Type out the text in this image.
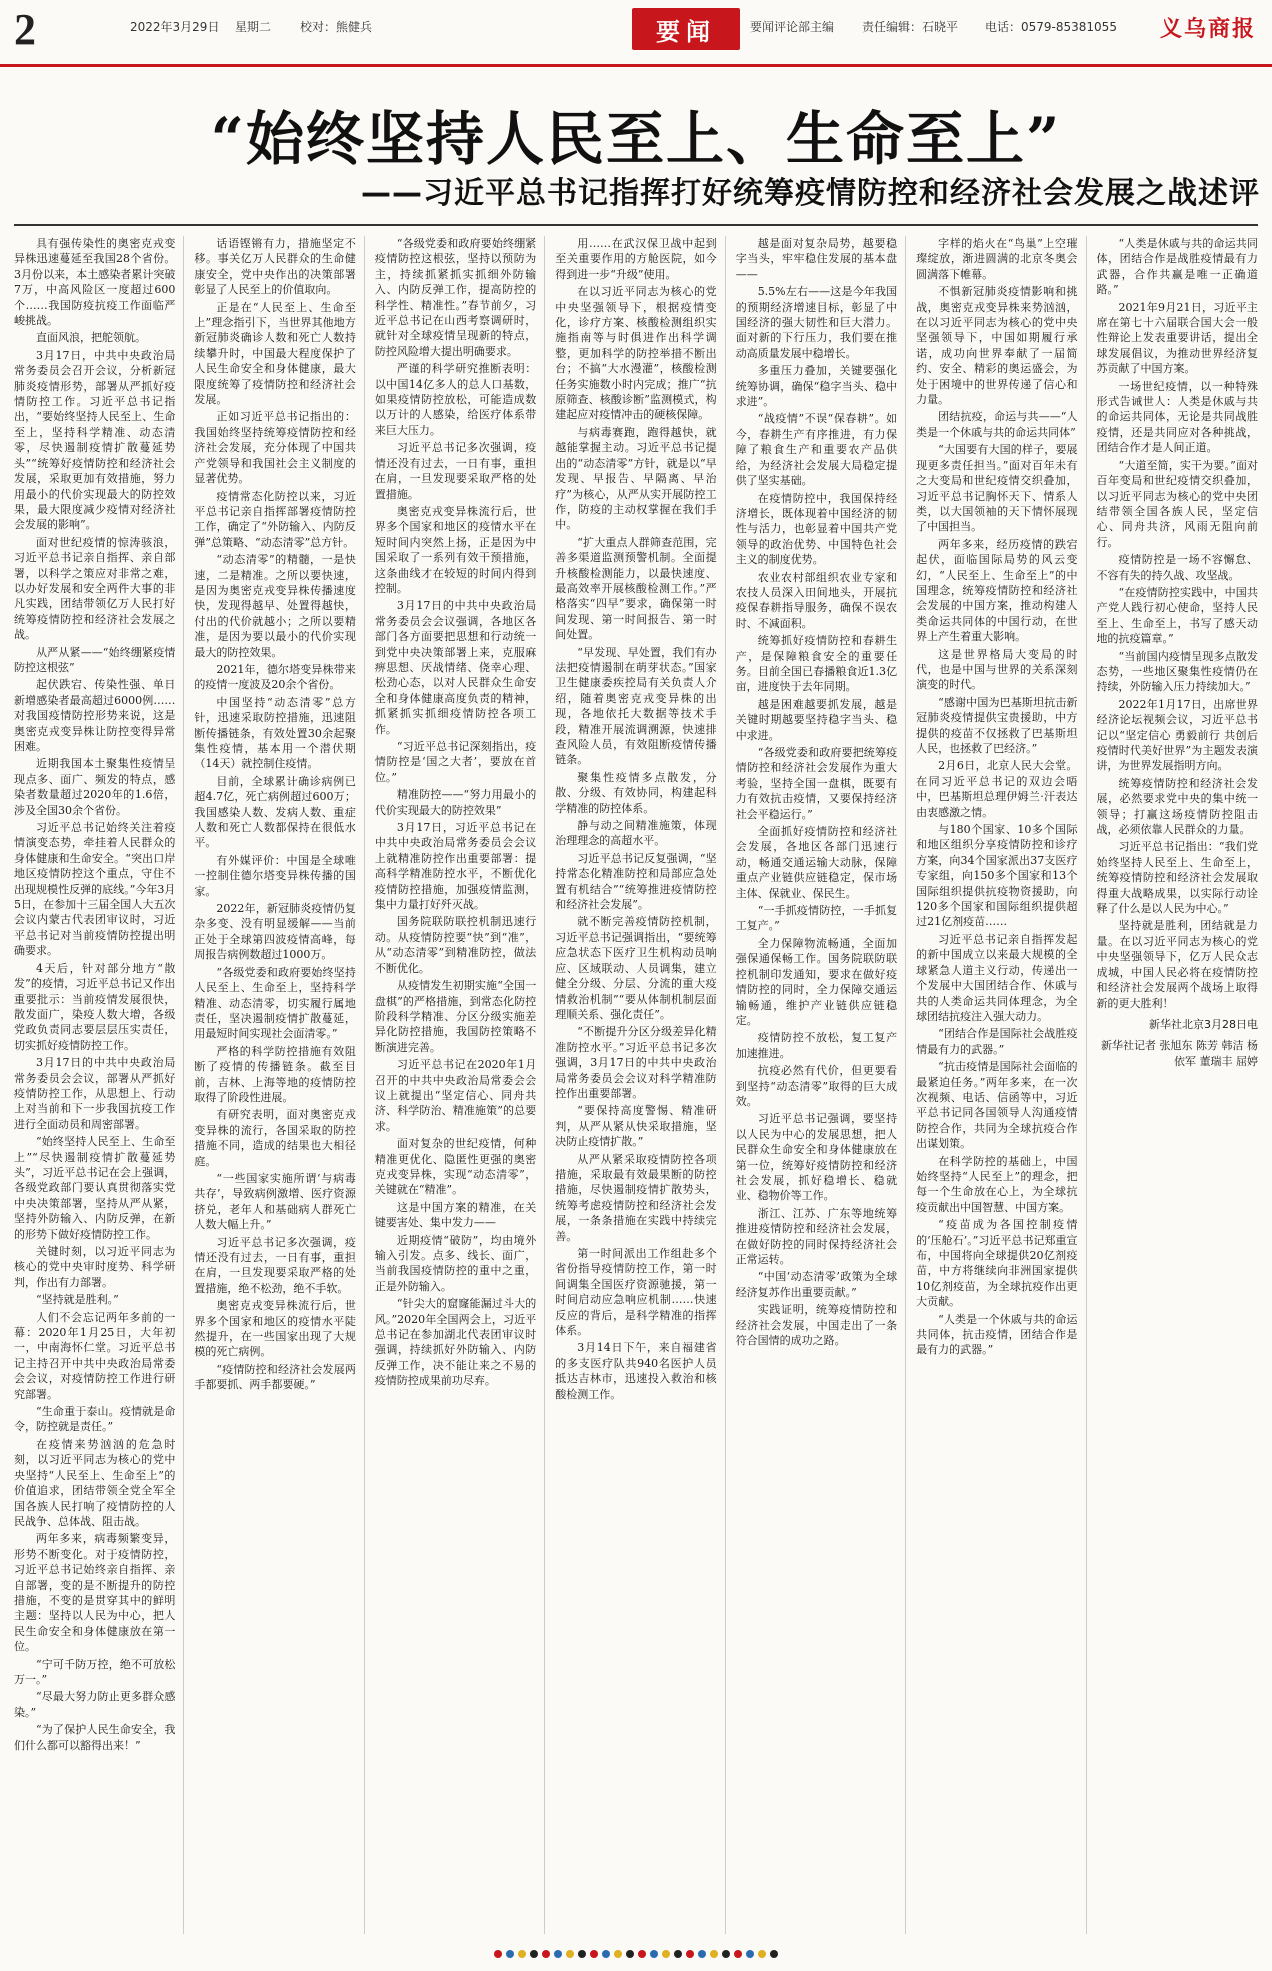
2	2022年3月29日 星期二 校对：熊健兵	要闻	要闻评论部主编 责任编辑：石晓平 电话：0579-85381055 义乌商报
“始终坚持人民至上、生命至上”
——习近平总书记指挥打好统筹疫情防控和经济社会发展之战述评

具有强传染性的奥密克戎变异株迅速蔓延至我国28个省份。3月份以来，本土感染者累计突破7万，中高风险区一度超过600个……我国防疫抗疫工作面临严峻挑战。

直面风浪，把舵领航。

3月17日，中共中央政治局常务委员会召开会议，分析新冠肺炎疫情形势，部署从严抓好疫情防控工作。习近平总书记指出，“要始终坚持人民至上、生命至上，坚持科学精准、动态清零，尽快遏制疫情扩散蔓延势头”“统筹好疫情防控和经济社会发展，采取更加有效措施，努力用最小的代价实现最大的防控效果，最大限度减少疫情对经济社会发展的影响”。

面对世纪疫情的惊涛骇浪，习近平总书记亲自指挥、亲自部署，以科学之策应对非常之难，以办好发展和安全两件大事的非凡实践，团结带领亿万人民打好统筹疫情防控和经济社会发展之战。

从严从紧——“始终绷紧疫情防控这根弦”

起伏跌宕、传染性强、单日新增感染者最高超过6000例……对我国疫情防控形势来说，这是奥密克戎变异株让防控变得异常困难。

近期我国本土聚集性疫情呈现点多、面广、频发的特点，感染者数量超过2020年的1.6倍，涉及全国30余个省份。

习近平总书记始终关注着疫情演变态势，牵挂着人民群众的身体健康和生命安全。“突出口岸地区疫情防控这个重点，守住不出现规模性反弹的底线。”今年3月5日，在参加十三届全国人大五次会议内蒙古代表团审议时，习近平总书记对当前疫情防控提出明确要求。

4天后，针对部分地方“散发”的疫情，习近平总书记又作出重要批示：当前疫情发展很快，散发面广，染疫人数大增，各级党政负责同志要层层压实责任，切实抓好疫情防控工作。

3月17日的中共中央政治局常务委员会会议，部署从严抓好疫情防控工作，从思想上、行动上对当前和下一步我国抗疫工作进行全面动员和周密部署。

“始终坚持人民至上、生命至上”“尽快遏制疫情扩散蔓延势头”，习近平总书记在会上强调，各级党政部门要认真贯彻落实党中央决策部署，坚持从严从紧，坚持外防输入、内防反弹，在新的形势下做好疫情防控工作。

关键时刻，以习近平同志为核心的党中央审时度势、科学研判，作出有力部署。

“坚持就是胜利。”

人们不会忘记两年多前的一幕：2020年1月25日，大年初一，中南海怀仁堂。习近平总书记主持召开中共中央政治局常委会会议，对疫情防控工作进行研究部署。

“生命重于泰山。疫情就是命令，防控就是责任。”

在疫情来势汹汹的危急时刻，以习近平同志为核心的党中央坚持“人民至上、生命至上”的价值追求，团结带领全党全军全国各族人民打响了疫情防控的人民战争、总体战、阻击战。

两年多来，病毒频繁变异，形势不断变化。对于疫情防控，习近平总书记始终亲自指挥、亲自部署，变的是不断提升的防控措施，不变的是贯穿其中的鲜明主题：坚持以人民为中心，把人民生命安全和身体健康放在第一位。

“宁可千防万控，绝不可放松万一。”

“尽最大努力防止更多群众感染。”

“为了保护人民生命安全，我们什么都可以豁得出来！”

话语铿锵有力，措施坚定不移。事关亿万人民群众的生命健康安全，党中央作出的决策部署彰显了人民至上的价值取向。

正是在“人民至上、生命至上”理念指引下，当世界其他地方新冠肺炎确诊人数和死亡人数持续攀升时，中国最大程度保护了人民生命安全和身体健康，最大限度统筹了疫情防控和经济社会发展。

正如习近平总书记指出的：我国始终坚持统筹疫情防控和经济社会发展，充分体现了中国共产党领导和我国社会主义制度的显著优势。

疫情常态化防控以来，习近平总书记亲自指挥部署疫情防控工作，确定了“外防输入、内防反弹”总策略、“动态清零”总方针。

“动态清零”的精髓，一是快速，二是精准。之所以要快速，是因为奥密克戎变异株传播速度快，发现得越早、处置得越快，付出的代价就越小；之所以要精准，是因为要以最小的代价实现最大的防控效果。

2021年，德尔塔变异株带来的疫情一度波及20余个省份。

中国坚持“动态清零”总方针，迅速采取防控措施，迅速阻断传播链条，有效处置30余起聚集性疫情，基本用一个潜伏期（14天）就控制住疫情。

目前，全球累计确诊病例已超4.7亿，死亡病例超过600万；我国感染人数、发病人数、重症人数和死亡人数都保持在很低水平。

有外媒评价：中国是全球唯一控制住德尔塔变异株传播的国家。

2022年，新冠肺炎疫情仍复杂多变、没有明显缓解——当前正处于全球第四波疫情高峰，每周报告病例数超过1000万。

“各级党委和政府要始终坚持人民至上、生命至上，坚持科学精准、动态清零，切实履行属地责任，坚决遏制疫情扩散蔓延，用最短时间实现社会面清零。”

严格的科学防控措施有效阻断了疫情的传播链条。截至目前，吉林、上海等地的疫情防控取得了阶段性进展。

有研究表明，面对奥密克戎变异株的流行，各国采取的防控措施不同，造成的结果也大相径庭。

“一些国家实施所谓‘与病毒共存’，导致病例激增、医疗资源挤兑，老年人和基础病人群死亡人数大幅上升。”

习近平总书记多次强调，疫情还没有过去，一日有事，重担在肩，一旦发现要采取严格的处置措施，绝不松劲，绝不手软。

奥密克戎变异株流行后，世界多个国家和地区的疫情水平陡然提升，在一些国家出现了大规模的死亡病例。

“疫情防控和经济社会发展两手都要抓、两手都要硬。”

“各级党委和政府要始终绷紧疫情防控这根弦，坚持以预防为主，持续抓紧抓实抓细外防输入、内防反弹工作，提高防控的科学性、精准性。”春节前夕，习近平总书记在山西考察调研时，就针对全球疫情呈现新的特点，防控风险增大提出明确要求。

严谨的科学研究推断表明：以中国14亿多人的总人口基数，如果疫情防控放松，可能造成数以万计的人感染，给医疗体系带来巨大压力。

习近平总书记多次强调，疫情还没有过去，一日有事，重担在肩，一旦发现要采取严格的处置措施。

奥密克戎变异株流行后，世界多个国家和地区的疫情水平在短时间内突然上扬，正是因为中国采取了一系列有效干预措施，这条曲线才在较短的时间内得到控制。

3月17日的中共中央政治局常务委员会会议强调，各地区各部门各方面要把思想和行动统一到党中央决策部署上来，克服麻痹思想、厌战情绪、侥幸心理、松劲心态，以对人民群众生命安全和身体健康高度负责的精神，抓紧抓实抓细疫情防控各项工作。

“习近平总书记深刻指出，疫情防控是‘国之大者’，要放在首位。”

精准防控——“努力用最小的代价实现最大的防控效果”

3月17日，习近平总书记在中共中央政治局常务委员会会议上就精准防控作出重要部署：提高科学精准防控水平，不断优化疫情防控措施，加强疫情监测，集中力量打好歼灭战。

国务院联防联控机制迅速行动。从疫情防控要“快”到“准”，从“动态清零”到精准防控，做法不断优化。

从疫情发生初期实施“全国一盘棋”的严格措施，到常态化防控阶段科学精准、分区分级实施差异化防控措施，我国防控策略不断演进完善。

习近平总书记在2020年1月召开的中共中央政治局常委会会议上就提出“坚定信心、同舟共济、科学防治、精准施策”的总要求。

面对复杂的世纪疫情，何种精准更优化、隐匿性更强的奥密克戎变异株，实现“动态清零”，关键就在“精准”。

这是中国方案的精准，在关键要害处、集中发力——

近期疫情“破防”，均由境外输入引发。点多、线长、面广，当前我国疫情防控的重中之重，正是外防输入。

“针尖大的窟窿能漏过斗大的风。”2020年全国两会上，习近平总书记在参加湖北代表团审议时强调，持续抓好外防输入、内防反弹工作，决不能让来之不易的疫情防控成果前功尽弃。

用……在武汉保卫战中起到至关重要作用的方舱医院，如今得到进一步“升级”使用。

在以习近平同志为核心的党中央坚强领导下，根据疫情变化，诊疗方案、核酸检测组织实施指南等与时俱进作出科学调整，更加科学的防控举措不断出台；不搞“大水漫灌”，核酸检测任务实施数小时内完成；推广“抗原筛查、核酸诊断”监测模式，构建起应对疫情冲击的硬核保障。

与病毒赛跑，跑得越快，就越能掌握主动。习近平总书记提出的“动态清零”方针，就是以“早发现、早报告、早隔离、早治疗”为核心，从严从实开展防控工作，防疫的主动权掌握在我们手中。

“扩大重点人群筛查范围，完善多渠道监测预警机制。全面提升核酸检测能力，以最快速度、最高效率开展核酸检测工作。”严格落实“四早”要求，确保第一时间发现、第一时间报告、第一时间处置。

“早发现、早处置，我们有办法把疫情遏制在萌芽状态。”国家卫生健康委疾控局有关负责人介绍，随着奥密克戎变异株的出现，各地依托大数据等技术手段，精准开展流调溯源，快速排查风险人员，有效阻断疫情传播链条。

聚集性疫情多点散发，分散、分级、有效协同，构建起科学精准的防控体系。

静与动之间精准施策，体现治理理念的高超水平。

习近平总书记反复强调，“坚持常态化精准防控和局部应急处置有机结合”“统筹推进疫情防控和经济社会发展”。

就不断完善疫情防控机制，习近平总书记强调指出，“要统筹应急状态下医疗卫生机构动员响应、区域联动、人员调集，建立健全分级、分层、分流的重大疫情救治机制”“要从体制机制层面理顺关系、强化责任”。

“不断提升分区分级差异化精准防控水平。”习近平总书记多次强调，3月17日的中共中央政治局常务委员会会议对科学精准防控作出重要部署。

“要保持高度警惕、精准研判，从严从紧从快采取措施，坚决防止疫情扩散。”

从严从紧采取疫情防控各项措施，采取最有效最果断的防控措施，尽快遏制疫情扩散势头，统筹考虑疫情防控和经济社会发展，一条条措施在实践中持续完善。

第一时间派出工作组赴多个省份指导疫情防控工作，第一时间调集全国医疗资源驰援，第一时间启动应急响应机制……快速反应的背后，是科学精准的指挥体系。

3月14日下午，来自福建省的多支医疗队共940名医护人员抵达吉林市，迅速投入救治和核酸检测工作。

越是面对复杂局势，越要稳字当头，牢牢稳住发展的基本盘——

5.5%左右——这是今年我国的预期经济增速目标，彰显了中国经济的强大韧性和巨大潜力。面对新的下行压力，我们要在推动高质量发展中稳增长。

多重压力叠加，关键要强化统筹协调，确保“稳字当头、稳中求进”。

“战疫情”不误“保春耕”。如今，春耕生产有序推进，有力保障了粮食生产和重要农产品供给，为经济社会发展大局稳定提供了坚实基础。

在疫情防控中，我国保持经济增长，既体现着中国经济的韧性与活力，也彰显着中国共产党领导的政治优势、中国特色社会主义的制度优势。

农业农村部组织农业专家和农技人员深入田间地头，开展抗疫保春耕指导服务，确保不误农时、不减面积。

统筹抓好疫情防控和春耕生产，是保障粮食安全的重要任务。目前全国已春播粮食近1.3亿亩，进度快于去年同期。

越是困难越要抓发展，越是关键时期越要坚持稳字当头、稳中求进。

“各级党委和政府要把统筹疫情防控和经济社会发展作为重大考验，坚持全国一盘棋，既要有力有效抗击疫情，又要保持经济社会平稳运行。”

全面抓好疫情防控和经济社会发展，各地区各部门迅速行动，畅通交通运输大动脉，保障重点产业链供应链稳定，保市场主体、保就业、保民生。

“一手抓疫情防控，一手抓复工复产。”

全力保障物流畅通，全面加强保通保畅工作。国务院联防联控机制印发通知，要求在做好疫情防控的同时，全力保障交通运输畅通，维护产业链供应链稳定。

疫情防控不放松，复工复产加速推进。

抗疫必然有代价，但更要看到坚持“动态清零”取得的巨大成效。

习近平总书记强调，要坚持以人民为中心的发展思想，把人民群众生命安全和身体健康放在第一位，统筹好疫情防控和经济社会发展，抓好稳增长、稳就业、稳物价等工作。

浙江、江苏、广东等地统筹推进疫情防控和经济社会发展，在做好防控的同时保持经济社会正常运转。

“中国‘动态清零’政策为全球经济复苏作出重要贡献。”

实践证明，统筹疫情防控和经济社会发展，中国走出了一条符合国情的成功之路。

字样的焰火在“鸟巢”上空璀璨绽放，渐进圆满的北京冬奥会圆满落下帷幕。

不惧新冠肺炎疫情影响和挑战，奥密克戎变异株来势汹汹，在以习近平同志为核心的党中央坚强领导下，中国如期履行承诺，成功向世界奉献了一届简约、安全、精彩的奥运盛会，为处于困境中的世界传递了信心和力量。

团结抗疫，命运与共——“人类是一个休戚与共的命运共同体”

“大国要有大国的样子，要展现更多责任担当。”面对百年未有之大变局和世纪疫情交织叠加，习近平总书记胸怀天下、情系人类，以大国领袖的天下情怀展现了中国担当。

两年多来，经历疫情的跌宕起伏，面临国际局势的风云变幻，“人民至上、生命至上”的中国理念，统筹疫情防控和经济社会发展的中国方案，推动构建人类命运共同体的中国行动，在世界上产生着重大影响。

这是世界格局大变局的时代，也是中国与世界的关系深刻演变的时代。

“感谢中国为巴基斯坦抗击新冠肺炎疫情提供宝贵援助，中方提供的疫苗不仅拯救了巴基斯坦人民，也拯救了巴经济。”

2月6日，北京人民大会堂。在同习近平总书记的双边会晤中，巴基斯坦总理伊姆兰·汗表达由衷感激之情。

与180个国家、10多个国际和地区组织分享疫情防控和诊疗方案，向34个国家派出37支医疗专家组，向150多个国家和13个国际组织提供抗疫物资援助，向120多个国家和国际组织提供超过21亿剂疫苗……

习近平总书记亲自指挥发起的新中国成立以来最大规模的全球紧急人道主义行动，传递出一个发展中大国团结合作、休戚与共的人类命运共同体理念，为全球团结抗疫注入强大动力。

“团结合作是国际社会战胜疫情最有力的武器。”

“抗击疫情是国际社会面临的最紧迫任务。”两年多来，在一次次视频、电话、信函等中，习近平总书记同各国领导人沟通疫情防控合作，共同为全球抗疫合作出谋划策。

在科学防控的基础上，中国始终坚持“人民至上”的理念，把每一个生命放在心上，为全球抗疫贡献出中国智慧、中国方案。

“疫苗成为各国控制疫情的‘压舱石’。”习近平总书记郑重宣布，中国将向全球提供20亿剂疫苗，中方将继续向非洲国家提供10亿剂疫苗，为全球抗疫作出更大贡献。

“人类是一个休戚与共的命运共同体，抗击疫情，团结合作是最有力的武器。”

“人类是休戚与共的命运共同体，团结合作是战胜疫情最有力武器，合作共赢是唯一正确道路。”

2021年9月21日，习近平主席在第七十六届联合国大会一般性辩论上发表重要讲话，提出全球发展倡议，为推动世界经济复苏贡献了中国方案。

一场世纪疫情，以一种特殊形式告诫世人：人类是休戚与共的命运共同体，无论是共同战胜疫情，还是共同应对各种挑战，团结合作才是人间正道。

“大道至简，实干为要。”面对百年变局和世纪疫情交织叠加，以习近平同志为核心的党中央团结带领全国各族人民，坚定信心、同舟共济，风雨无阻向前行。

疫情防控是一场不容懈怠、不容有失的持久战、攻坚战。

“在疫情防控实践中，中国共产党人践行初心使命，坚持人民至上、生命至上，书写了感天动地的抗疫篇章。”

“当前国内疫情呈现多点散发态势，一些地区聚集性疫情仍在持续，外防输入压力持续加大。”

2022年1月17日，出席世界经济论坛视频会议，习近平总书记以“坚定信心 勇毅前行 共创后疫情时代美好世界”为主题发表演讲，为世界发展指明方向。

统筹疫情防控和经济社会发展，必然要求党中央的集中统一领导；打赢这场疫情防控阻击战，必须依靠人民群众的力量。

习近平总书记指出：“我们党始终坚持人民至上、生命至上，统筹疫情防控和经济社会发展取得重大战略成果，以实际行动诠释了什么是以人民为中心。”

坚持就是胜利，团结就是力量。在以习近平同志为核心的党中央坚强领导下，亿万人民众志成城，中国人民必将在疫情防控和经济社会发展两个战场上取得新的更大胜利！

新华社北京3月28日电
新华社记者 张旭东 陈芳 韩洁 杨依军 董瑞丰 屈婷
